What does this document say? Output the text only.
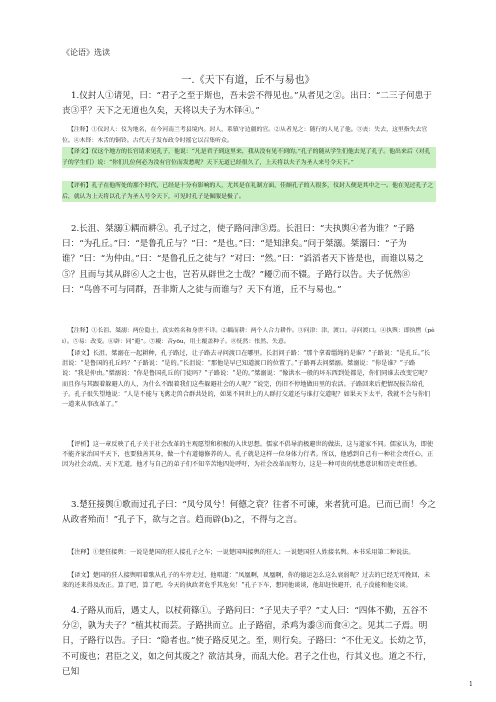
《论语》选读
一.《天下有道，丘不与易也》

1.仪封人①请见，曰：“君子之至于斯也，吾未尝不得见也。”从者见之②。出曰：“二三子何患于丧③乎？天下之无道也久矣，天将以夫子为木铎④。”

【注释】①仪封人：仪为地名，在今河南兰考县境内。封人，系镇守边疆的官。②从者见之：随行的人见了他。③丧：失去，这里指失去官位。④木铎：木舌的铜铃。古代天子发布政令时摇它以召集听众。

【译文】仪这个地方的长官请求见孔子，他说：“凡是君子到这里来，我从没有见不到的。”孔子的随从学生们他去见了孔子。他出来后（对孔子的学生们）说：“你们几位何必为没有官位而发愁呢？天下无道已经很久了，上天将以夫子为圣人来号令天下。”

【评析】孔子在他所处的那个时代，已经是十分有影响的人，尤其是在礼制方面，佳颇孔子的人很多，仪封人便是其中之一。他在见过孔子之后，就认为上天将以孔子为圣人号令天下，可见时孔子是佩服是极了。

2.长沮、桀溺①耦而耕②。孔子过之，使子路问津③焉。长沮曰：“夫执舆④者为谁？”子路曰：“为孔丘。”曰：“是鲁孔丘与？”曰：“是也。”曰：“是知津矣。”问于桀溺。桀溺曰：“子为谁？”曰：“为仲由。”曰：“是鲁孔丘之徒与？”对曰：“然。”曰：“滔滔者天下皆是也，而谁以易之⑤？且而与其从辟⑥人之士也，岂若从辟世之士哉？”耰⑦而不辍。子路行以告。夫子怃然⑧曰：“鸟兽不可与同群，吾非斯人之徒与而谁与？天下有道，丘不与易也。”

【注释】①长沮、桀溺：两位隐士，真实姓名和身世不详。②耦而耕：两个人合力耕作。③问津：津，渡口。寻问渡口。④执舆：即执辔（pèi）。⑤易：改变。⑥辟：同“避”。⑦耰：音yōu，用土覆盖种子。⑧怃然：怅然、失意。

【译文】长沮、桀溺在一起耕种，孔子路过，让子路去寻问渡口在哪里。长沮问子路：“那个拿着缰绳的是谁？”子路说：“是孔丘。”长沮说：“是鲁国的孔丘吗？”子路说：“是的。”长沮说：“那他是早已知道渡口的位置了。”子路再去问桀溺。桀溺说：“你是谁？”子路说：“我是仲由。”桀溺说：“你是鲁国孔丘的门徒吗？”子路说：“是的。”桀溺说：“像洪水一般的坏东西到处都是，你们同谁去改变它呢？而且你与其跟着躲避人的人，为什么不跟着我们这些躲避社会的人呢？”说完，仍旧不停地做田里的农活。子路回来后把情况报告给孔子。孔子很失望地说：“人是不能与飞禽走兽合群共处的，如果不同世上的人群打交道还与谁打交道呢？如果天下太平，我就不会与你们一道来从事改革了。”

【评析】这一章反映了孔子关于社会改革的主观愿望和积极的入世思想。儒家不倡导消极避世的做法，这与道家不同。儒家认为，即使不能齐家治国平天下，也要独善其身，做一个有道德修养的人，孔子就是这样一位身体力行者。所以，他感到自己有一种社会责任心，正因为社会动乱、天下无道，他才与自己的弟子们不知辛苦地四处呼吁，为社会改革而努力，这是一种可贵的忧患意识和历史责任感。

3.楚狂接舆①歌而过孔子曰：“凤兮凤兮！何德之衰？往者不可谏，来者犹可追。已而已而！今之从政者殆而！”孔子下，欲与之言。趋而辟(b)之，不得与之言。

【注释】①楚狂接舆：一说是楚国的狂人接孔子之车；一说楚国叫接舆的狂人；一说楚国狂人姓接名舆。本书采用第二种说法。

【译文】楚国的狂人接舆唱着歌从孔子的车旁走过，他唱道：“凤凰啊，凤凰啊，你的德运怎么这么衰弱呢？过去的已经无可挽回，未来的还来得及改正。算了吧，算了吧。今天的执政者危乎其危矣！”孔子下车，想同他谈谈，他却赶快避开，孔子没能和他交谈。

4.子路从而后，遇丈人，以杖荷篠①。子路问曰：“子见夫子乎？”丈人曰：“四体不勤，五谷不分②，孰为夫子？”植其杖而芸。子路拱而立。止子路宿，杀鸡为黍③而食④之。见其二子焉。明日，子路行以告。子曰：“隐者也。”使子路反见之。至，则行矣。子路曰：“不仕无义。长幼之节，不可废也；君臣之义，如之何其废之？欲洁其身，而乱大伦。君子之仕也，行其义也。道之不行，已知

1
